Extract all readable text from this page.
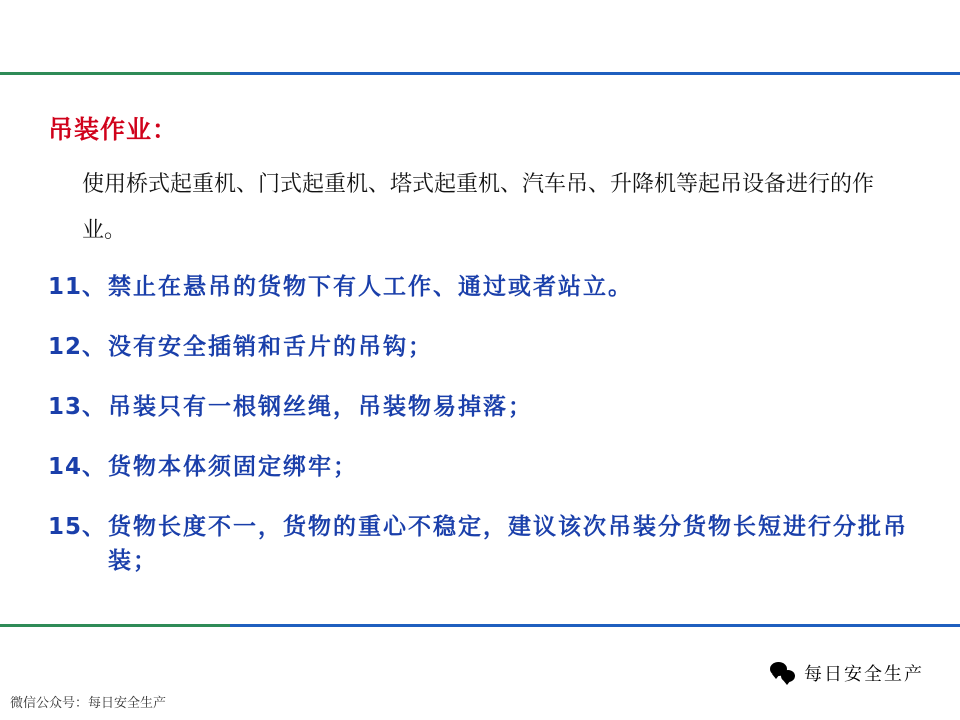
吊装作业：
使用桥式起重机、门式起重机、塔式起重机、汽车吊、升降机等起吊设备进行的作业。
11、 禁止在悬吊的货物下有人工作、通过或者站立。
12、 没有安全插销和舌片的吊钩；
13、 吊装只有一根钢丝绳，吊装物易掉落；
14、 货物本体须固定绑牢；
15、 货物长度不一，货物的重心不稳定，建议该次吊装分货物长短进行分批吊装；
微信公众号：每日安全生产
每日安全生产
